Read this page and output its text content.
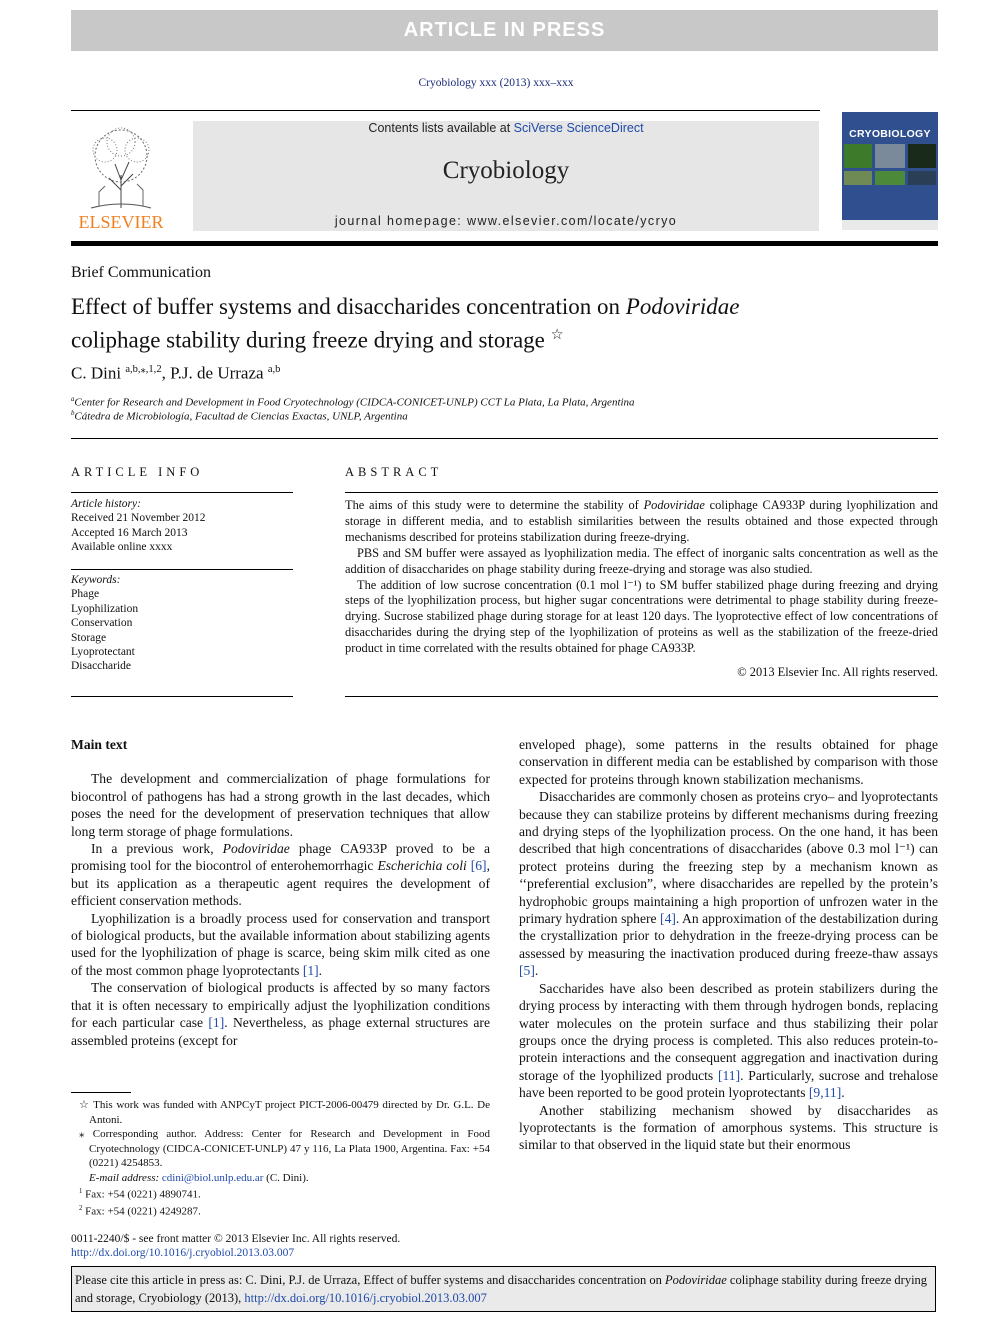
ARTICLE IN PRESS
Cryobiology xxx (2013) xxx–xxx
ELSEVIER
Contents lists available at SciVerse ScienceDirect
Cryobiology
journal homepage: www.elsevier.com/locate/ycryo
CRYOBIOLOGY
Brief Communication
Effect of buffer systems and disaccharides concentration on Podoviridae
coliphage stability during freeze drying and storage ☆
C. Dini $^{a,b,⁎,1,2}$, P.J. de Urraza $^{a,b}$
$^a$Center for Research and Development in Food Cryotechnology (CIDCA-CONICET-UNLP) CCT La Plata, La Plata, Argentina
$^b$Cátedra de Microbiología, Facultad de Ciencias Exactas, UNLP, Argentina
ARTICLE INFO	ABSTRACT
Article history:
Received 21 November 2012
Accepted 16 March 2013
Available online xxxx
Keywords:
Phage
Lyophilization
Conservation
Storage
Lyoprotectant
Disaccharide

The aims of this study were to determine the stability of Podoviridae coliphage CA933P during lyophilization and storage in different media, and to establish similarities between the results obtained and those expected through mechanisms described for proteins stabilization during freeze-drying.

PBS and SM buffer were assayed as lyophilization media. The effect of inorganic salts concentration as well as the addition of disaccharides on phage stability during freeze-drying and storage was also studied.

The addition of low sucrose concentration (0.1 mol l⁻¹) to SM buffer stabilized phage during freezing and drying steps of the lyophilization process, but higher sugar concentrations were detrimental to phage stability during freeze-drying. Sucrose stabilized phage during storage for at least 120 days. The lyoprotective effect of low concentrations of disaccharides during the drying step of the lyophilization of proteins as well as the stabilization of the freeze-dried product in time correlated with the results obtained for phage CA933P.

© 2013 Elsevier Inc. All rights reserved.

Main text

The development and commercialization of phage formulations for biocontrol of pathogens has had a strong growth in the last decades, which poses the need for the development of preservation techniques that allow long term storage of phage formulations.

In a previous work, Podoviridae phage CA933P proved to be a promising tool for the biocontrol of enterohemorrhagic Escherichia coli [6], but its application as a therapeutic agent requires the development of efficient conservation methods.

Lyophilization is a broadly process used for conservation and transport of biological products, but the available information about stabilizing agents used for the lyophilization of phage is scarce, being skim milk cited as one of the most common phage lyoprotectants [1].

The conservation of biological products is affected by so many factors that it is often necessary to empirically adjust the lyophilization conditions for each particular case [1]. Nevertheless, as phage external structures are assembled proteins (except for

enveloped phage), some patterns in the results obtained for phage conservation in different media can be established by comparison with those expected for proteins through known stabilization mechanisms.

Disaccharides are commonly chosen as proteins cryo– and lyoprotectants because they can stabilize proteins by different mechanisms during freezing and drying steps of the lyophilization process. On the one hand, it has been described that high concentrations of disaccharides (above 0.3 mol l⁻¹) can protect proteins during the freezing step by a mechanism known as ‘‘preferential exclusion”, where disaccharides are repelled by the protein’s hydrophobic groups maintaining a high proportion of unfrozen water in the primary hydration sphere [4]. An approximation of the destabilization during the crystallization prior to dehydration in the freeze-drying process can be assessed by measuring the inactivation produced during freeze-thaw assays [5].

Saccharides have also been described as protein stabilizers during the drying process by interacting with them through hydrogen bonds, replacing water molecules on the protein surface and thus stabilizing their polar groups once the drying process is completed. This also reduces protein-to-protein interactions and the consequent aggregation and inactivation during storage of the lyophilized products [11]. Particularly, sucrose and trehalose have been reported to be good protein lyoprotectants [9,11].

Another stabilizing mechanism showed by disaccharides as lyoprotectants is the formation of amorphous systems. This structure is similar to that observed in the liquid state but their enormous

☆ This work was funded with ANPCyT project PICT-2006-00479 directed by Dr. G.L. De Antoni.

⁎ Corresponding author. Address: Center for Research and Development in Food Cryotechnology (CIDCA-CONICET-UNLP) 47 y 116, La Plata 1900, Argentina. Fax: +54 (0221) 4254853.

E-mail address: cdini@biol.unlp.edu.ar (C. Dini).

$^1$ Fax: +54 (0221) 4890741.

$^2$ Fax: +54 (0221) 4249287.

0011-2240/$ - see front matter © 2013 Elsevier Inc. All rights reserved.
http://dx.doi.org/10.1016/j.cryobiol.2013.03.007
Please cite this article in press as: C. Dini, P.J. de Urraza, Effect of buffer systems and disaccharides concentration on Podoviridae coliphage stability during freeze drying and storage, Cryobiology (2013), http://dx.doi.org/10.1016/j.cryobiol.2013.03.007
